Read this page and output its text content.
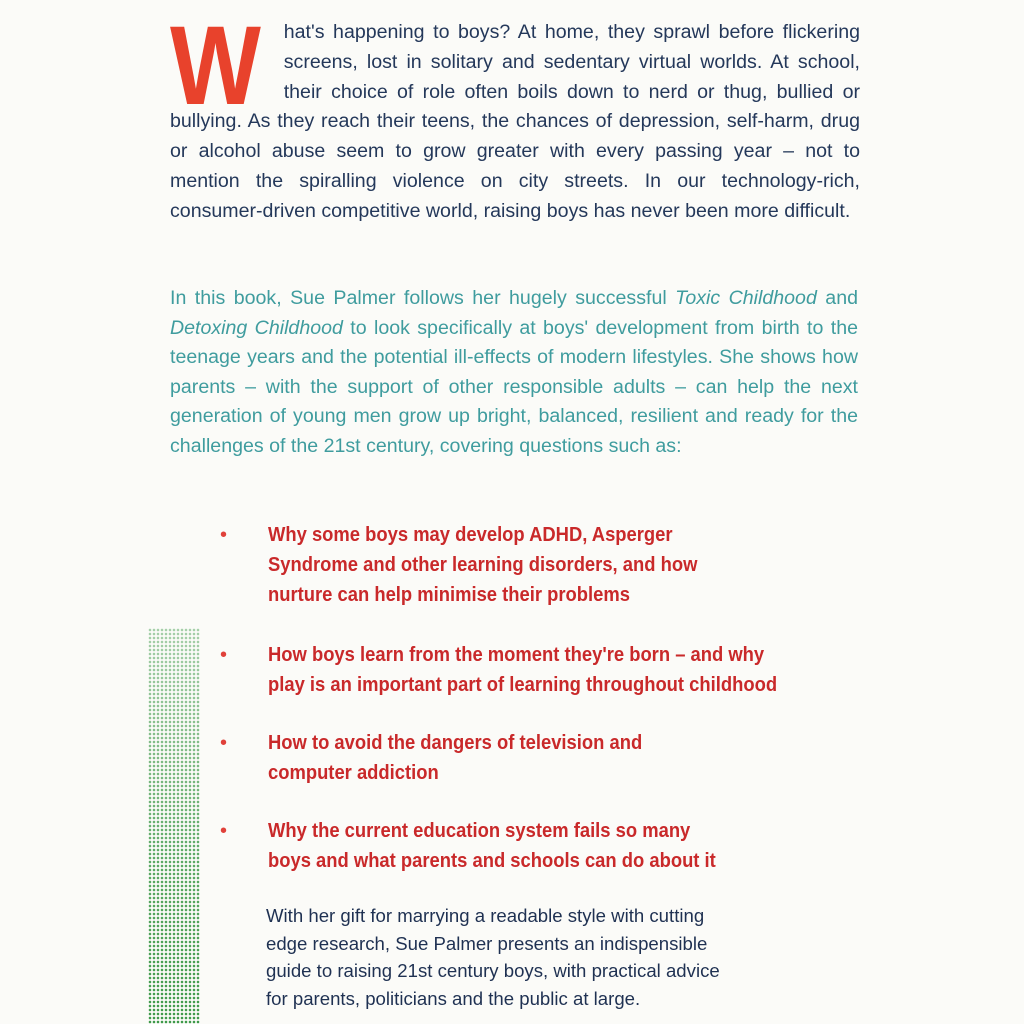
W hat's happening to boys? At home, they sprawl before flickering screens, lost in solitary and sedentary virtual worlds. At school, their choice of role often boils down to nerd or thug, bullied or bullying. As they reach their teens, the chances of depression, self-harm, drug or alcohol abuse seem to grow greater with every passing year – not to mention the spiralling violence on city streets. In our technology-rich, consumer-driven competitive world, raising boys has never been more difficult.

In this book, Sue Palmer follows her hugely successful Toxic Childhood and Detoxing Childhood to look specifically at boys' development from birth to the teenage years and the potential ill-effects of modern lifestyles. She shows how parents – with the support of other responsible adults – can help the next generation of young men grow up bright, balanced, resilient and ready for the challenges of the 21st century, covering questions such as:

• Why some boys may develop ADHD, Asperger
Syndrome and other learning disorders, and how
nurture can help minimise their problems
• How boys learn from the moment they're born – and why
play is an important part of learning throughout childhood
• How to avoid the dangers of television and
computer addiction
• Why the current education system fails so many
boys and what parents and schools can do about it

With her gift for marrying a readable style with cutting
edge research, Sue Palmer presents an indispensible
guide to raising 21st century boys, with practical advice
for parents, politicians and the public at large.
